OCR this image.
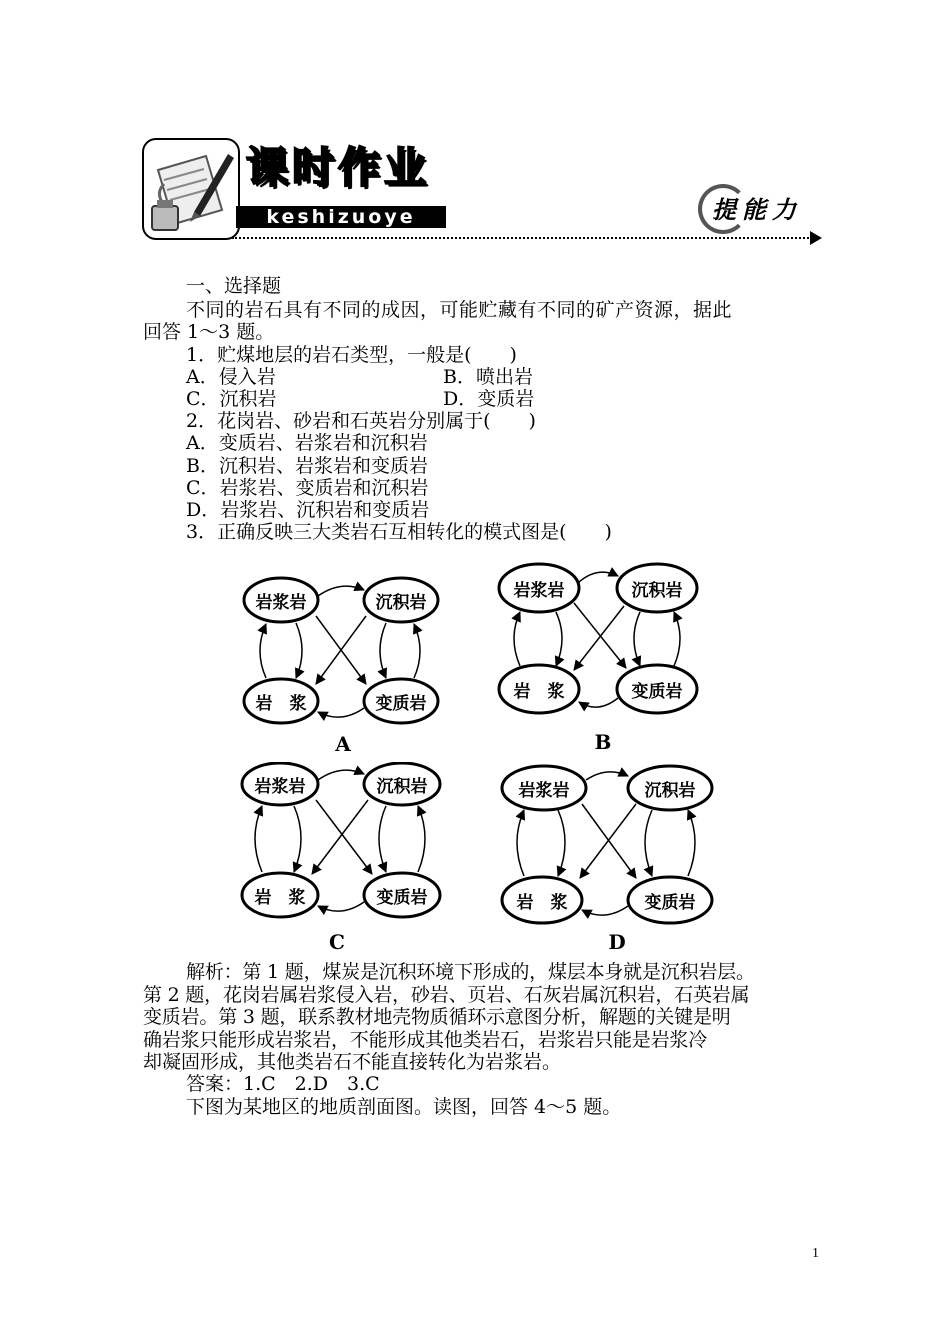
课时作业
keshizuoye	提能力
一、选择题
不同的岩石具有不同的成因，可能贮藏有不同的矿产资源，据此
回答 1～3 题。
1．贮煤地层的岩石类型，一般是(　　)
A．侵入岩	B．喷出岩
C．沉积岩	D．变质岩
2．花岗岩、砂岩和石英岩分别属于(　　)
A．变质岩、岩浆岩和沉积岩
B．沉积岩、岩浆岩和变质岩
C．岩浆岩、变质岩和沉积岩
D．岩浆岩、沉积岩和变质岩
3．正确反映三大类岩石互相转化的模式图是(　　)
岩浆岩	沉积岩
岩　浆	变质岩
A
岩浆岩	沉积岩
岩　浆	变质岩
B
岩浆岩	沉积岩
岩　浆	变质岩
C
岩浆岩	沉积岩
岩　浆	变质岩
D
解析：第 1 题，煤炭是沉积环境下形成的，煤层本身就是沉积岩层。
第 2 题，花岗岩属岩浆侵入岩，砂岩、页岩、石灰岩属沉积岩，石英岩属
变质岩。第 3 题，联系教材地壳物质循环示意图分析，解题的关键是明
确岩浆只能形成岩浆岩，不能形成其他类岩石，岩浆岩只能是岩浆冷
却凝固形成，其他类岩石不能直接转化为岩浆岩。
答案：1.C　2.D　3.C
下图为某地区的地质剖面图。读图，回答 4～5 题。
1
